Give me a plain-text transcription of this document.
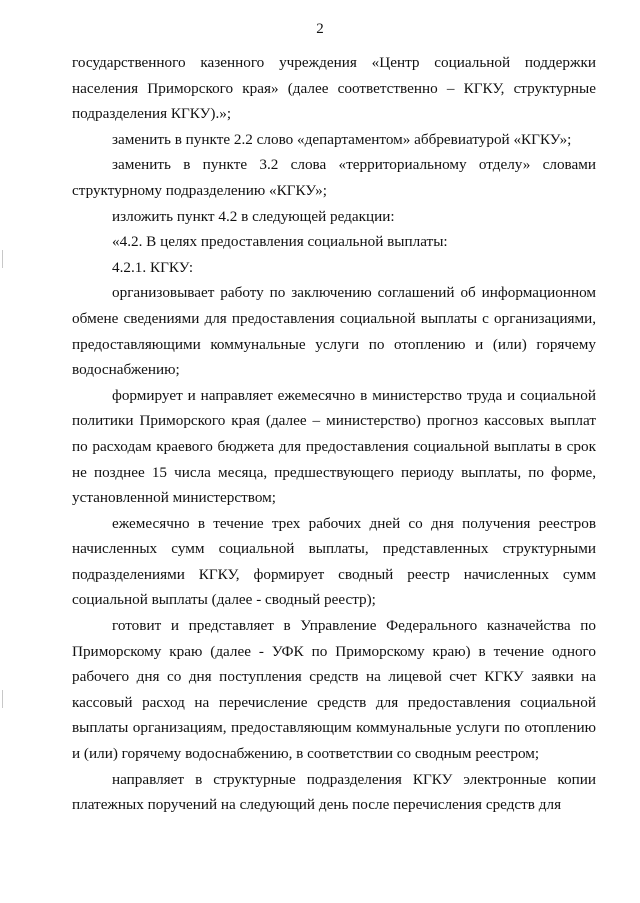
2

государственного казенного учреждения «Центр социальной поддержки населения Приморского края» (далее соответственно – КГКУ, структурные подразделения КГКУ).»;

заменить в пункте 2.2 слово «департаментом» аббревиатурой «КГКУ»;

заменить в пункте 3.2 слова «территориальному отделу» словами структурному подразделению «КГКУ»;

изложить пункт 4.2 в следующей редакции:

«4.2. В целях предоставления социальной выплаты:

4.2.1. КГКУ:

организовывает работу по заключению соглашений об информационном обмене сведениями для предоставления социальной выплаты с организациями, предоставляющими коммунальные услуги по отоплению и (или) горячему водоснабжению;

формирует и направляет ежемесячно в министерство труда и социальной политики Приморского края (далее – министерство) прогноз кассовых выплат по расходам краевого бюджета для предоставления социальной выплаты в срок не позднее 15 числа месяца, предшествующего периоду выплаты, по форме, установленной министерством;

ежемесячно в течение трех рабочих дней со дня получения реестров начисленных сумм социальной выплаты, представленных структурными подразделениями КГКУ, формирует сводный реестр начисленных сумм социальной выплаты (далее - сводный реестр);

готовит и представляет в Управление Федерального казначейства по Приморскому краю (далее - УФК по Приморскому краю) в течение одного рабочего дня со дня поступления средств на лицевой счет КГКУ заявки на кассовый расход на перечисление средств для предоставления социальной выплаты организациям, предоставляющим коммунальные услуги по отоплению и (или) горячему водоснабжению, в соответствии со сводным реестром;

направляет в структурные подразделения КГКУ электронные копии платежных поручений на следующий день после перечисления средств для
